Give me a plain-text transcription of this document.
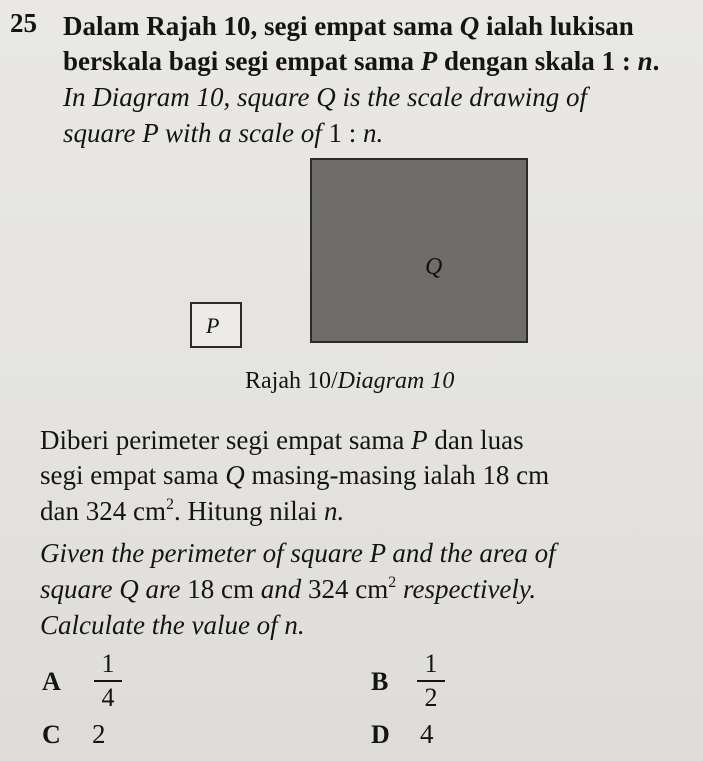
25 Dalam Rajah 10, segi empat sama Q ialah lukisan
berskala bagi segi empat sama P dengan skala 1 : n.
In Diagram 10, square Q is the scale drawing of
square P with a scale of 1 : n.
Q
P
Rajah 10/Diagram 10
Diberi perimeter segi empat sama P dan luas
segi empat sama Q masing-masing ialah 18 cm
dan 324 $cm^2$. Hitung nilai n.
Given the perimeter of square P and the area of
square Q are 18 cm and 324 $cm^2$ respectively.
Calculate the value of n.
A
1
4
B
1
2
C 2	D 4
